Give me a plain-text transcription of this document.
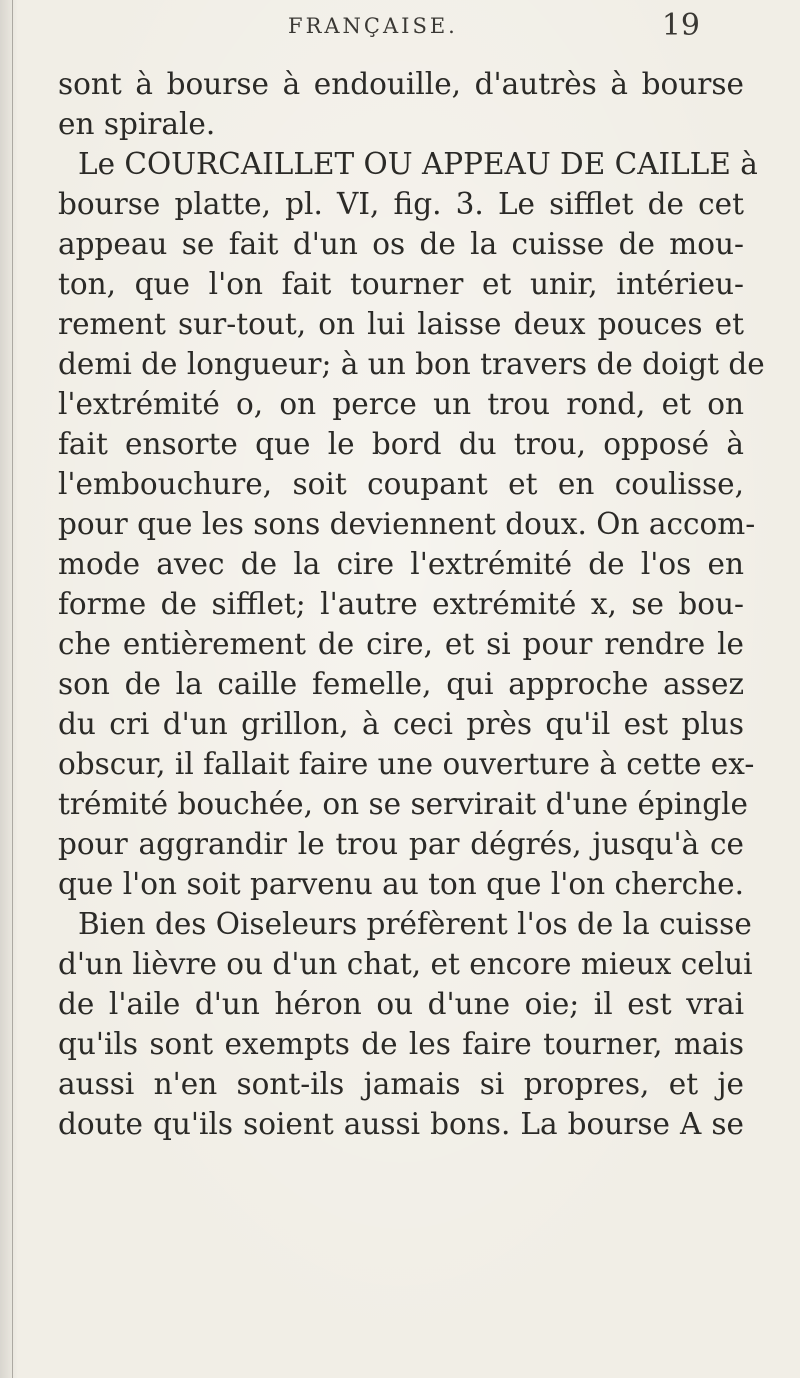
FRANÇAISE.	19
sont à bourse à endouille, d'autrès à bourse
en spirale.
Le COURCAILLET OU APPEAU DE CAILLE à
bourse platte, pl. VI, fig. 3. Le sifflet de cet
appeau se fait d'un os de la cuisse de mou-
ton, que l'on fait tourner et unir, intérieu-
rement sur-tout, on lui laisse deux pouces et
demi de longueur; à un bon travers de doigt de
l'extrémité o, on perce un trou rond, et on
fait ensorte que le bord du trou, opposé à
l'embouchure, soit coupant et en coulisse,
pour que les sons deviennent doux. On accom-
mode avec de la cire l'extrémité de l'os en
forme de sifflet; l'autre extrémité x, se bou-
che entièrement de cire, et si pour rendre le
son de la caille femelle, qui approche assez
du cri d'un grillon, à ceci près qu'il est plus
obscur, il fallait faire une ouverture à cette ex-
trémité bouchée, on se servirait d'une épingle
pour aggrandir le trou par dégrés, jusqu'à ce
que l'on soit parvenu au ton que l'on cherche.
Bien des Oiseleurs préfèrent l'os de la cuisse
d'un lièvre ou d'un chat, et encore mieux celui
de l'aile d'un héron ou d'une oie; il est vrai
qu'ils sont exempts de les faire tourner, mais
aussi n'en sont-ils jamais si propres, et je
doute qu'ils soient aussi bons. La bourse A se
